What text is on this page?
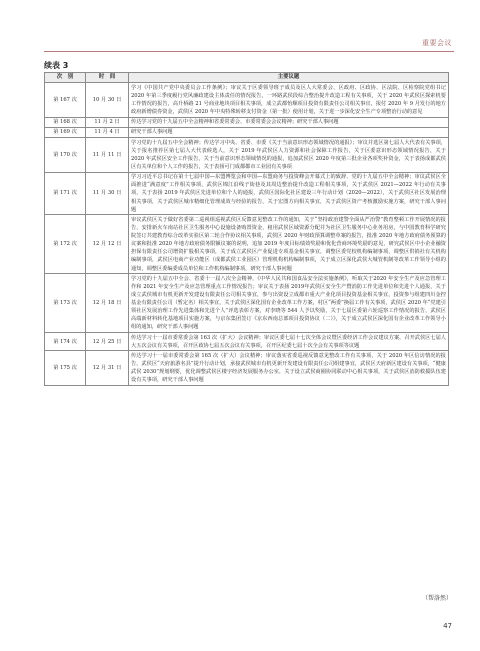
重要会议
续表 3
次　别	时　间	主要议题
第 167 次	10 月 30 日	学习《中国共产党中央委员会工作条例》；审议关于区委领导班子成员及区人大常委会、区政府、区政协、区法院、区检察院党组书记 2020 年第三季度履行党风廉政建设主体责任的情况报告，一环路武侯段综合整治提升改造工程有关事项，关于 2020 年武侯区探索机要工作情况的报告，高升桥路 21 号商业地块项目相关事项，成立武都怡顺项目投资有限责任公司相关事宜，报付 2020 年 9 月发行的地方政府新增债券资金，武侯区 2020 年中央特殊转移支付资金（第一批）使用计划，关于进一步深化安全生产专项整治行动的意见
第 168 次	11 月 2 日	传达学习党的十九届五中全会精神和省委常委会、市委常委会会议精神；研究干部人事问题
第 169 次	11 月 4 日	研究干部人事问题
第 170 次	11 月 11 日	学习党的十九届五中全会精神；传达学习中央、省委、市委《关于当前意识形态领域情况的通报》；审议并选区第七届人大代表有关事项，关于报名推荐区第七届人大代表候选人，关于 2019 年武侯区人力资源和社会保障工作报告，关于区委意识形态领域情况报告，关于 2020 年武侯区安全工作报告，关于当前意识形态领域情况的通报，追加武侯区 2020 年度第三批企业各项奖补资金，关于表扬成都武侯区有关单位和个人工作的报告，关于表扬可门成都都市工业园有关事项
第 171 次	11 月 30 日	学习习近平总书记在第十七届中国—东盟博览会和中国—东盟商务与投资峰会开幕式上的致辞、党的十九届五中全会精神；审议武侯区全面推进“满意度”工作相关事项，武侯区锦江沿线子街巷及其周边整治提升改造工程相关事项，关于武侯区 2021—2022 年行动有关事项，关于表扬 2019 年武侯区先进单位和个人的通报，武侯区国际化社区建设三年行动计划（2020—2022），关于武侯区社区发展治理相关事项，关于武侯区城市精细化管理成效与经验的报告，关于宏图方向相关事宜，关于武侯区资产考核激励实施方案，研究干部人事问题
第 172 次	12 月 12 日	审议武侯区关于做好省委第二巡视组巡视武侯区反馈意见整改工作的通知，关于“坚持政治建警全面从严治警”教育整顿工作开展情况的报告，安排新火车南站社区卫生服务中心设施设备购置资金，租用武侯区域资源分配并为社区卫生服务中心业务用房，与中国教育科学研究院签订共建教育综合改革实验区第二轮合作协议相关事项，武侯区 2020 年财政预算调整草案的报告，批准 2020 年地方政府债务预算的议案和批准 2020 年地方政府债务限额议案的说明，追加 2019 年度目标绩效奖励和优化营商环境奖励的意见，研究武侯区中小企业融资担保有限责任公司增资扩股相关事项，关于成立武侯区产业促进专项基金相关事宜，调整区委党校机构编制事项，调整区供销社有关机构编制事项，武侯区电商产业功能区（成都武侯工业园区）管理机构机构编制事项，关于成立区深化武侯大城管机制等改革工作领导小组的通知，调整区委编委成员单位和工作机构编制事项，研究干部人事问题
第 173 次	12 月 18 日	学习党的十九届五中全会、省委十一届八次全会精神，《中华人民共和国食品安全法实施条例》，听取关于2020 年安全生产及应急管理工作和 2021 年安全生产及应急管理重点工作情况报告；审议关于表扬 2019年武侯区安全生产暨消防工作先进单位和先进个人通报，关于成立武侯城市有机更新开发建设有限责任公司相关事宜，参与出资设立成都市重大产业化项目投资基金相关事宜，投资参与组建四川金控基金有限责任公司（暂定名）相关事宜，关于武侯区深化国有企业改革工作方案，村区“两委”换届工作有关事项，武侯区 2020 年“党建引领社区发展治理工作先进集体和先进个人”评选表彰方案，对李晓等 544 人予以奖励，关于七届区委第六轮巡察工作情况的报告，武侯区高端新材料转化基地项目实施方案，与京东集团签订《京东西南总部项目投资协议（二）》，关于成立武侯区深化国有企业改革工作领导小组的通知，研究干部人事问题
第 174 次	12 月 25 日	传达学习十一届市委常委会第 163 次（扩大）会议精神；审议区委七届十七次全体会议暨区委经济工作会议建议方案，召开武侯区七届人大五次会议有关事项，召开区政协七届五次会议有关事项，召开区纪委七届十次全会有关事项等议题
第 175 次	12 月 31 日	传达学习十一届市委常委会第 165 次（扩大）会议精神；审议落实省委巡视反馈意见整改工作有关事项，关于 2020 年区信访情况的报告，武侯区“天府旅游名县”提升行动计划，承接武侯城市有机更新开发建设有限责任公司组建事宜，武侯区天府新区建设有关事项，“健康武侯 2030”规划纲要，优化调整武侯区楼宇经济发展服务办公室，关于设立武侯商圈协同联动中心相关事项，关于武侯区消防救援队伍建设有关事项，研究干部人事问题
（帮洛然）
47
